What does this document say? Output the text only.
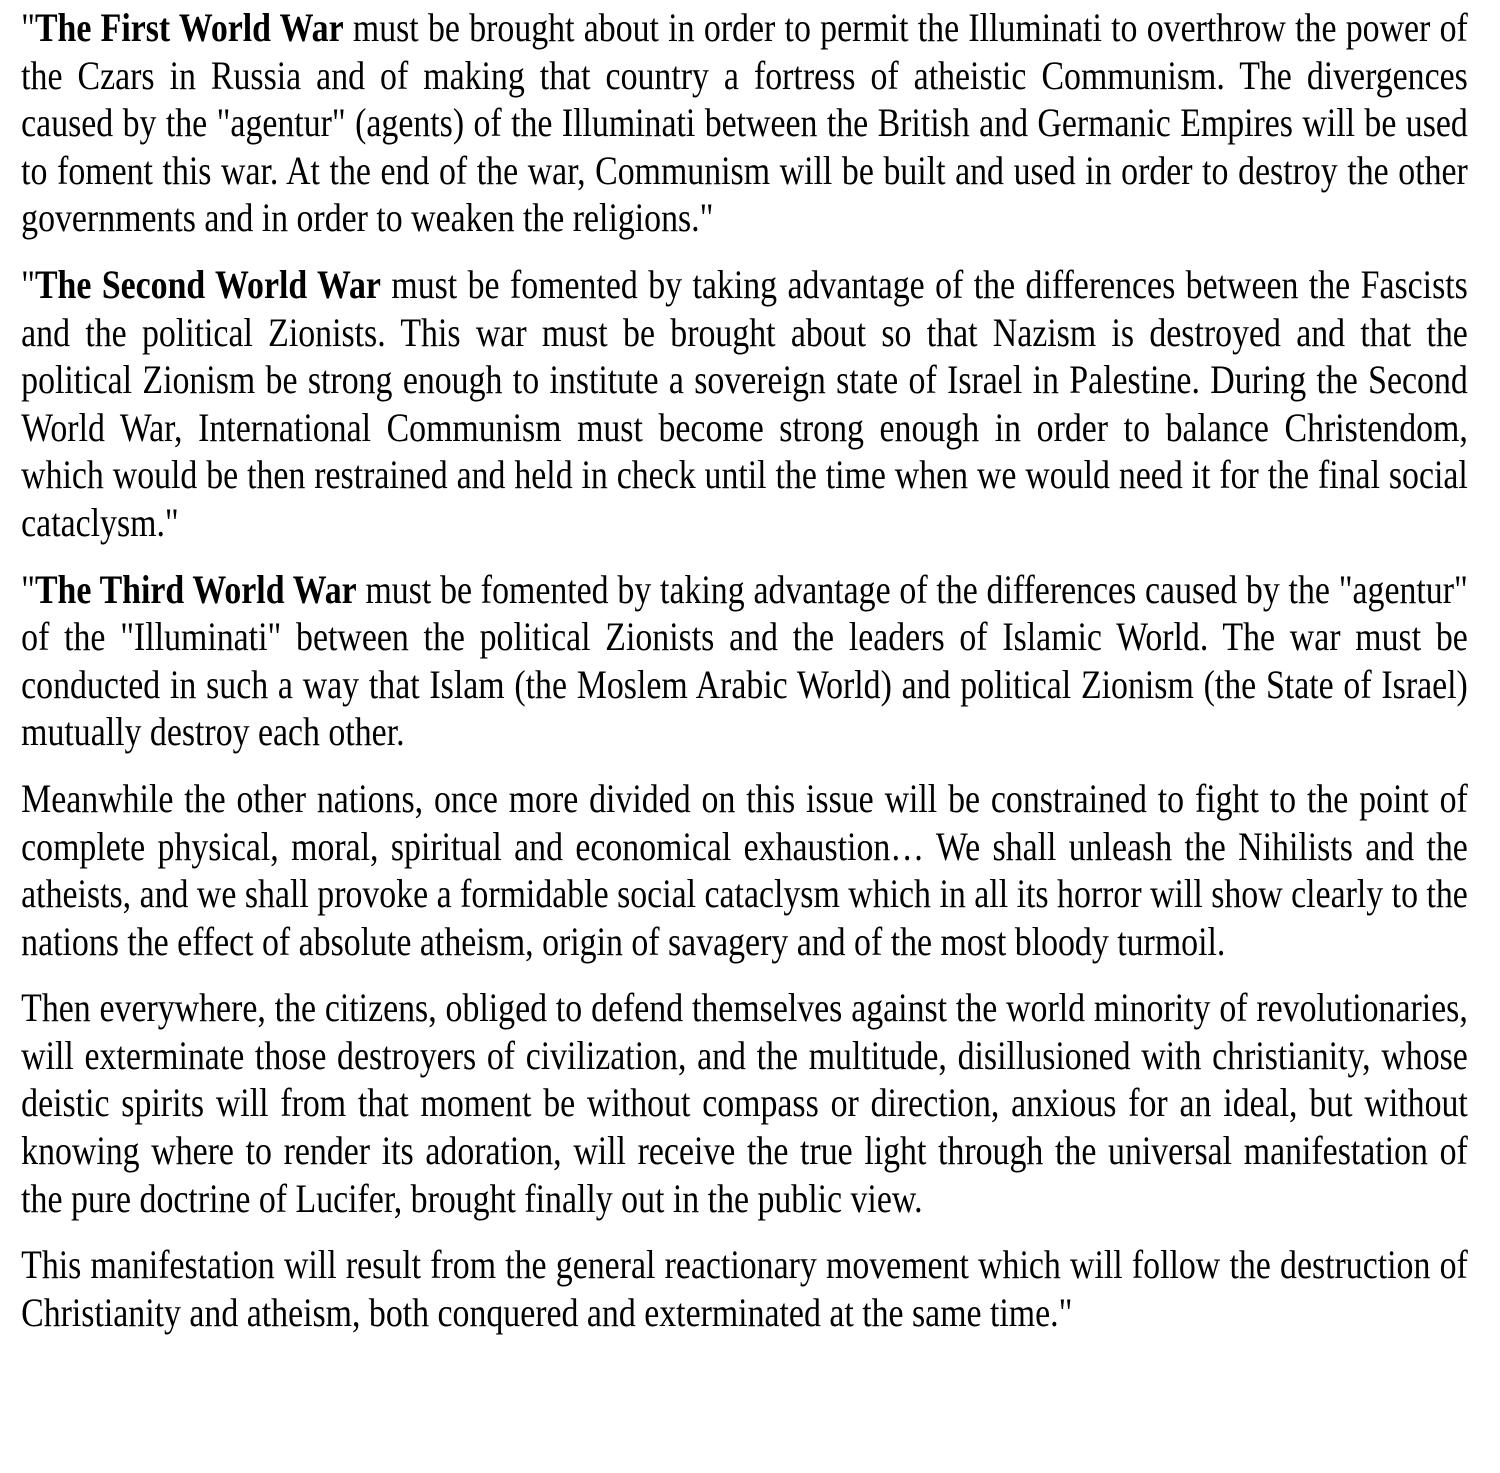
"The First World War must be brought about in order to permit the Illuminati to overthrow the power of the Czars in Russia and of making that country a fortress of atheistic Communism. The divergences caused by the "agentur" (agents) of the Illuminati between the British and Germanic Empires will be used to foment this war. At the end of the war, Communism will be built and used in order to destroy the other governments and in order to weaken the religions."

"The Second World War must be fomented by taking advantage of the differences between the Fascists and the political Zionists. This war must be brought about so that Nazism is destroyed and that the political Zionism be strong enough to institute a sovereign state of Israel in Palestine. During the Second World War, International Communism must become strong enough in order to balance Christendom, which would be then restrained and held in check until the time when we would need it for the final social cataclysm."

"The Third World War must be fomented by taking advantage of the differences caused by the "agentur" of the "Illuminati" between the political Zionists and the leaders of Islamic World. The war must be conducted in such a way that Islam (the Moslem Arabic World) and political Zionism (the State of Israel) mutually destroy each other.

Meanwhile the other nations, once more divided on this issue will be constrained to fight to the point of complete physical, moral, spiritual and economical exhaustion… We shall unleash the Nihilists and the atheists, and we shall provoke a formidable social cataclysm which in all its horror will show clearly to the nations the effect of absolute atheism, origin of savagery and of the most bloody turmoil.

Then everywhere, the citizens, obliged to defend themselves against the world minority of revolutionaries, will exterminate those destroyers of civilization, and the multitude, disillusioned with christianity, whose deistic spirits will from that moment be without compass or direction, anxious for an ideal, but without knowing where to render its adoration, will receive the true light through the universal manifestation of the pure doctrine of Lucifer, brought finally out in the public view.

This manifestation will result from the general reactionary movement which will follow the destruction of Christianity and atheism, both conquered and exterminated at the same time."
